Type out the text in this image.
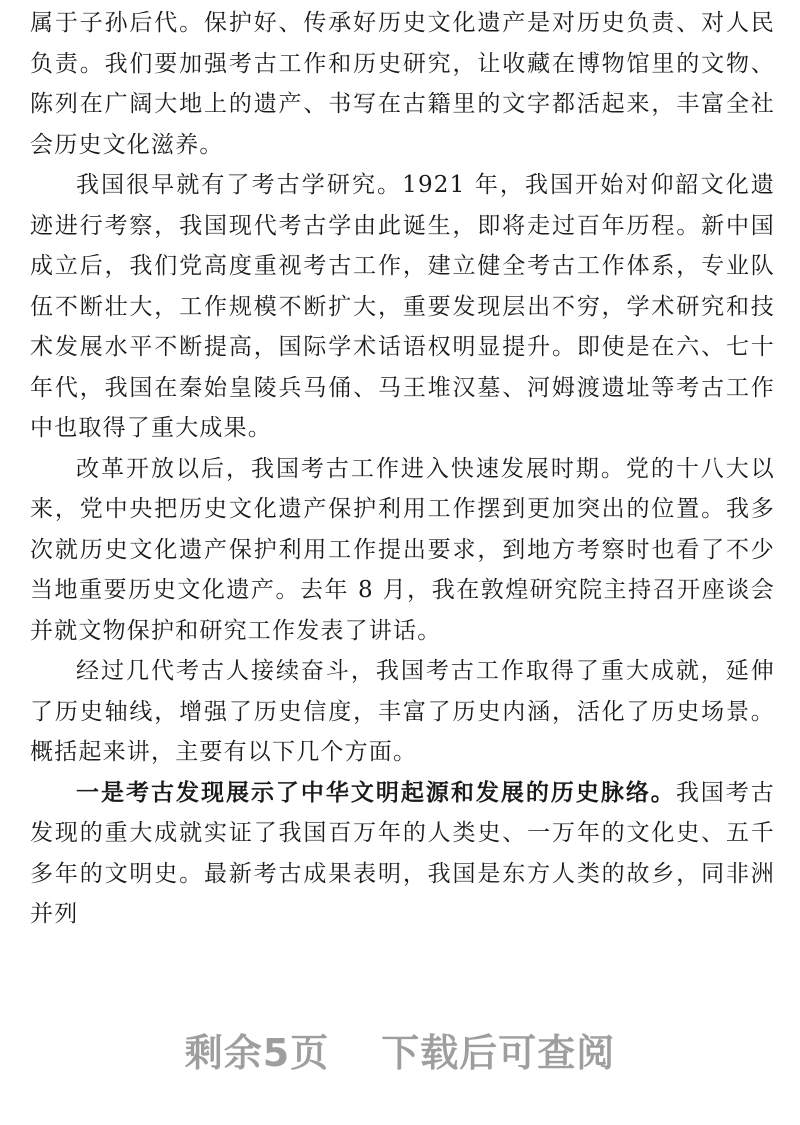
属于子孙后代。保护好、传承好历史文化遗产是对历史负责、对人民负责。我们要加强考古工作和历史研究，让收藏在博物馆里的文物、陈列在广阔大地上的遗产、书写在古籍里的文字都活起来，丰富全社会历史文化滋养。

我国很早就有了考古学研究。1921 年，我国开始对仰韶文化遗迹进行考察，我国现代考古学由此诞生，即将走过百年历程。新中国成立后，我们党高度重视考古工作，建立健全考古工作体系，专业队伍不断壮大，工作规模不断扩大，重要发现层出不穷，学术研究和技术发展水平不断提高，国际学术话语权明显提升。即使是在六、七十年代，我国在秦始皇陵兵马俑、马王堆汉墓、河姆渡遗址等考古工作中也取得了重大成果。

改革开放以后，我国考古工作进入快速发展时期。党的十八大以来，党中央把历史文化遗产保护利用工作摆到更加突出的位置。我多次就历史文化遗产保护利用工作提出要求，到地方考察时也看了不少当地重要历史文化遗产。去年 8 月，我在敦煌研究院主持召开座谈会并就文物保护和研究工作发表了讲话。

经过几代考古人接续奋斗，我国考古工作取得了重大成就，延伸了历史轴线，增强了历史信度，丰富了历史内涵，活化了历史场景。概括起来讲，主要有以下几个方面。

一是考古发现展示了中华文明起源和发展的历史脉络。我国考古发现的重大成就实证了我国百万年的人类史、一万年的文化史、五千多年的文明史。最新考古成果表明，我国是东方人类的故乡，同非洲并列

剩余5页 下载后可查阅
